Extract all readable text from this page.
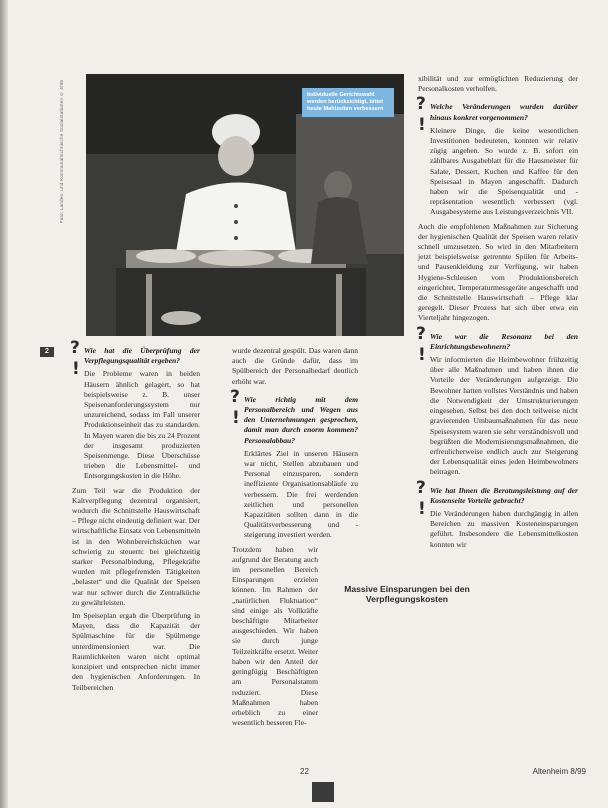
Foto: Landes- und Kommunaltechnische Sozialstationen © 4/99	Individuelle Gerichtswahl werden berücksichtigt, bittet heute Mahlzeiten verbessern
2 ?
!

Wie hat die Überprüfung der Verpflegungsqualität ergeben?

Die Probleme waren in beiden Häusern ähnlich gelagert, so hat beispielsweise z. B. unser Speisenanforderungssystem nur unzureichend, sodass im Fall unserer Produktionseinheit das zu standarden. In Mayen waren die bis zu 24 Prozent der insgesamt produzierten Speisenmenge. Diese Überschüsse trieben die Lebensmittel- und Entsorgungskosten in die Höhe.

Zum Teil war die Produktion der Kaltverpflegung dezentral organisiert, wodurch die Schnittstelle Hauswirtschaft – Pflege nicht eindeutig definiert war. Der wirtschaftliche Einsatz von Lebensmitteln ist in den Wohnbereichsküchen war schwierig zu steuern: bei gleichzeitig starker Personalbindung, Pflegekräfte wurden mit pflegefremden Tätigkeiten „belastet“ und die Qualität der Speisen war nur schwer durch die Zentralküche zu gewährleisten.

Im Speiseplan ergab die Überprüfung in Mayen, dass die Kapazität der Spülmaschine für die Spülmenge unterdimensioniert war. Die Raumlichkeiten waren nicht optimal konzipiert und entsprechen nicht immer den hygienischen Anforderungen. In Teilbereichen

wurde dezentral gespült. Das waren dann auch die Gründe dafür, dass im Spülbereich der Personalbedarf deutlich erhöht war.

?
!

Wie richtig mit dem Personalbereich und Wegen aus den Unternehmungen gesprochen, damit man durch enorm kommen? Personalabbau?

Erklärtes Ziel in unseren Häusern war nicht, Stellen abzubauen und Personal einzusparen, sondern ineffiziente Organisationsabläufe zu verbessern. Die frei werdenden zeitlichen und personellen Kapazitäten sollten dann in die Qualitätsverbesserung und -steigerung investiert werden.

Trotzdem haben wir aufgrund der Beratung auch im personellen Bereich Einsparungen erzielen können. Im Rahmen der „natürlichen Fluktuation“ sind einige als Vollkräfte beschäftigte Mitarbeiter ausgeschieden. Wir haben sie durch junge Teilzeitkräfte ersetzt. Weiter haben wir den Anteil der geringfügig Beschäftigten am Personalstamm reduziert. Diese Maßnahmen haben erheblich zu einer wesentlich besseren Fle-

xibilität und zur ermöglichten Reduzierung der Personalkosten verholfen.

?
!

Welche Veränderungen wurden darüber hinaus konkret vorgenommen?

Kleinere Dinge, die keine wesentlichen Investitionen bedeuteten, konnten wir relativ zügig angehen. So wurde z. B. sofort ein zählbares Ausgabeblatt für die Hausmeister für Salate, Dessert, Kuchen und Kaffee für den Speisesaal in Mayen angeschafft. Dadurch haben wir die Speisenqualität und -repräsentation wesentlich verbessert (vgl. Ausgabesysteme aus Leistungsverzeichnis VII.

Auch die empfohlenen Maßnahmen zur Sicherung der hygienischen Qualität der Speisen waren relativ schnell umzusetzen. So wird in den Mitarbeitern jetzt beispielsweise getrennte Spülen für Arbeits- und Pausenkleidung zur Verfügung, wir haben Hygiene-Schleusen vom Produktionsbereich eingerichtet, Temperaturmessgeräte angeschafft und die Schnittstelle Hauswirtschaft – Pflege klar geregelt. Dieser Prozess hat sich über etwa ein Vierteljahr hingezogen.

?
!

Wie war die Resonanz bei den Einrichtungsbewohnern?

Wir informierten die Heimbewohner frühzeitig über alle Maßnahmen und haben ihnen die Vorteile der Veränderungen aufgezeigt. Die Bewohner hatten vollstes Verständnis und haben die Notwendigkeit der Umstrukturierungen eingesehen. Selbst bei den doch teilweise nicht gravierenden Umbaumaßnahmen für das neue Speisesystem waren sie sehr verständnisvoll und begrüßten die Modernisierungsmaßnahmen, die erfreulicherweise endlich auch zur Steigerung der Lebensqualität eines jeden Heimbewohners beitragen.

?
!

Wie hat Ihnen die Beratungsleistung auf der Kostenseite Vorteile gebracht?

Die Veränderungen haben durchgängig in allen Bereichen zu massiven Kosteneinsparungen geführt. Insbesondere die Lebensmittelkosten konnten wir

Massive Einsparungen bei den Verpflegungskosten
22	Altenheim 8/99
